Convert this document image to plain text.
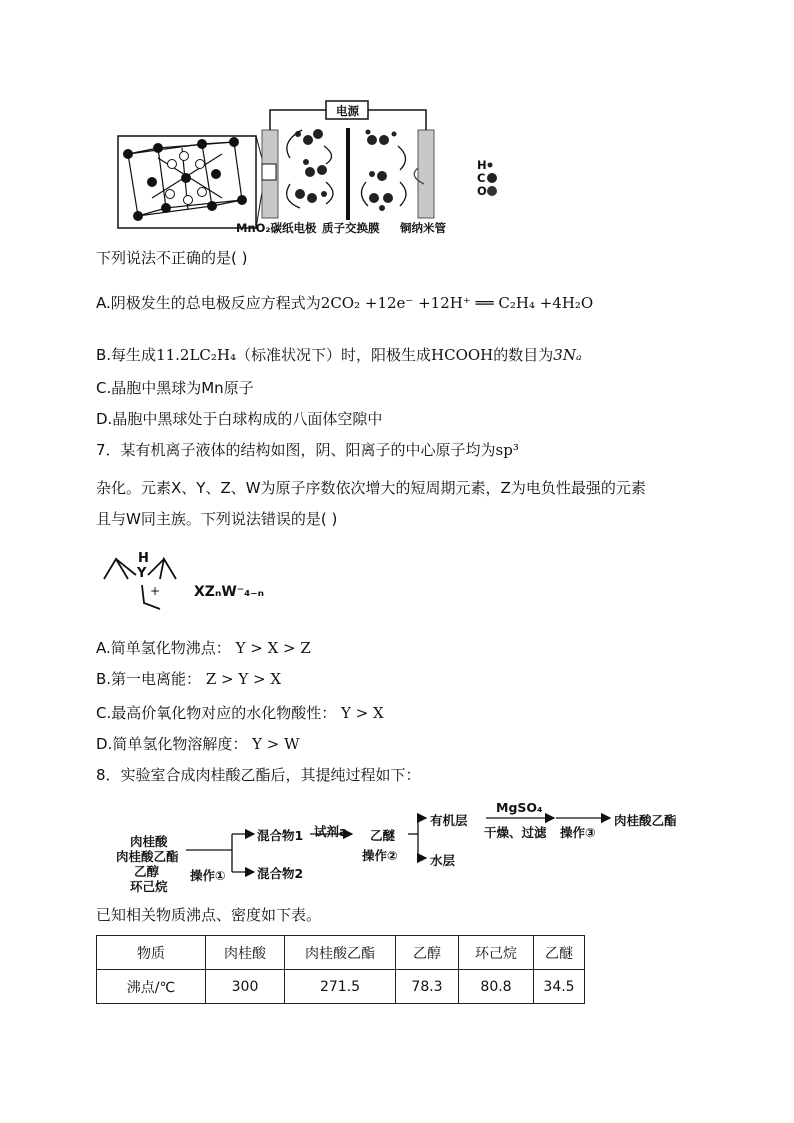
电源
H
C
O
MnO₂碳纸电极 质子交换膜 铜纳米管
下列说法不正确的是( )
A.阴极发生的总电极反应方程式为2CO₂ +12e⁻ +12H⁺ ══ C₂H₄ +4H₂O
B.每生成11.2LC₂H₄（标准状况下）时，阳极生成HCOOH的数目为3Nₐ
C.晶胞中黑球为Mn原子
D.晶胞中黑球处于白球构成的八面体空隙中
7．某有机离子液体的结构如图，阴、阳离子的中心原子均为sp³
杂化。元素X、Y、Z、W为原子序数依次增大的短周期元素，Z为电负性最强的元素
且与W同主族。下列说法错误的是( )
H
Y
+ XZₙW⁻₄₋ₙ
A.简单氢化物沸点： Y > X > Z
B.第一电离能： Z > Y > X
C.最高价氧化物对应的水化物酸性： Y > X
D.简单氢化物溶解度： Y > W
8．实验室合成肉桂酸乙酯后，其提纯过程如下：
肉桂酸
肉桂酸乙酯
乙醇
环己烷
操作①
混合物1
混合物2
试剂a 乙醚
操作②
有机层
水层
MgSO₄
干燥、过滤 操作③
肉桂酸乙酯
已知相关物质沸点、密度如下表。
物质	肉桂酸	肉桂酸乙酯	乙醇	环己烷	乙醚
沸点/℃	300	271.5	78.3	80.8	34.5
